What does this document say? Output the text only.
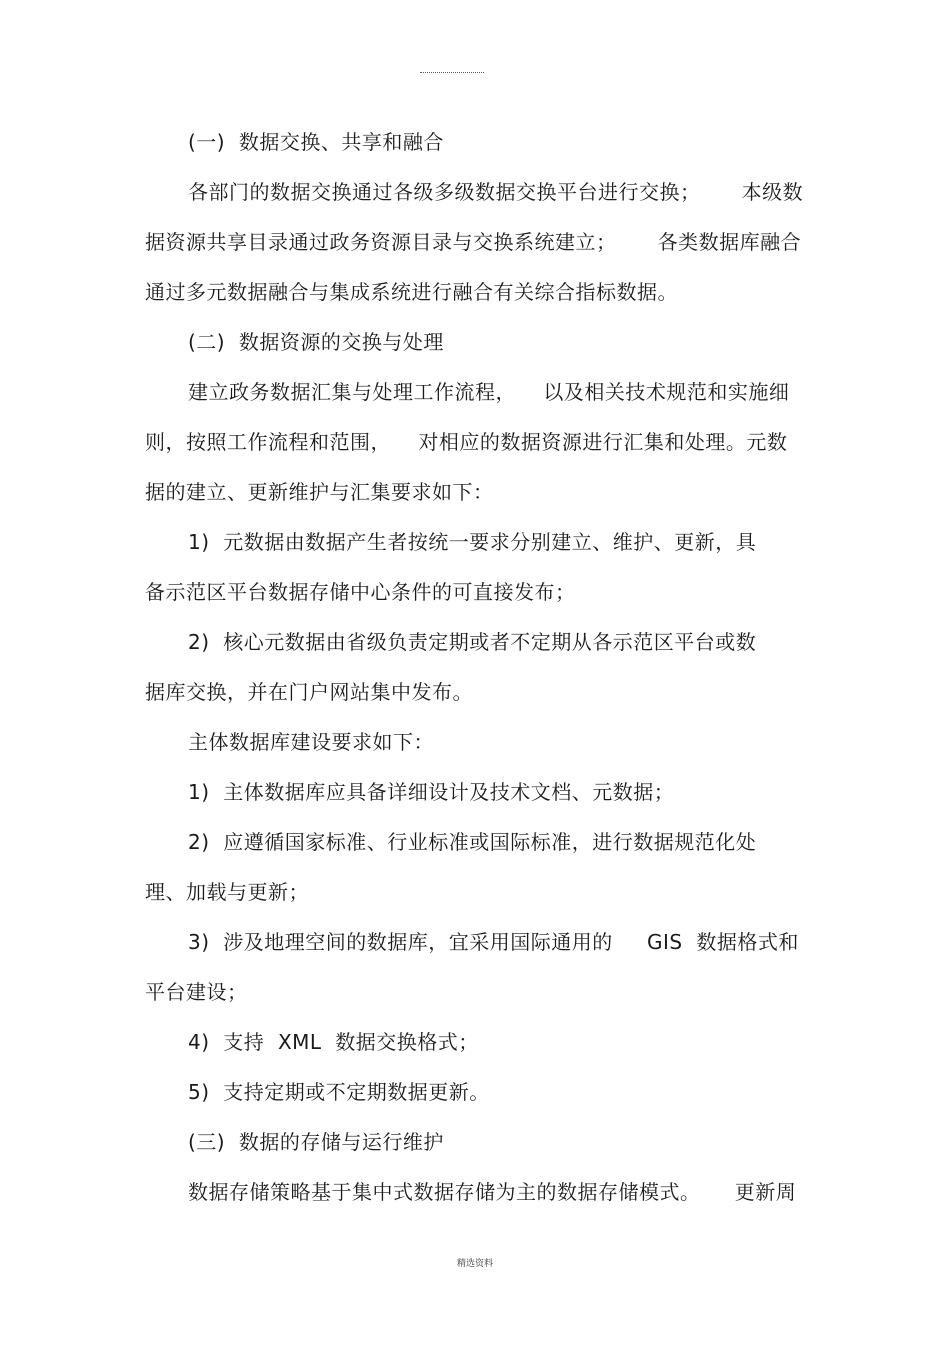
(一)  数据交换、共享和融合
各部门的数据交换通过各级多级数据交换平台进行交换；      本级数
据资源共享目录通过政务资源目录与交换系统建立；      各类数据库融合
通过多元数据融合与集成系统进行融合有关综合指标数据。
(二)  数据资源的交换与处理
建立政务数据汇集与处理工作流程，    以及相关技术规范和实施细
则，按照工作流程和范围，    对相应的数据资源进行汇集和处理。元数
据的建立、更新维护与汇集要求如下：
1)  元数据由数据产生者按统一要求分别建立、维护、更新，具
备示范区平台数据存储中心条件的可直接发布；
2)  核心元数据由省级负责定期或者不定期从各示范区平台或数
据库交换，并在门户网站集中发布。
主体数据库建设要求如下：
1)  主体数据库应具备详细设计及技术文档、元数据；
2)  应遵循国家标准、行业标准或国际标准，进行数据规范化处
理、加载与更新；
3)  涉及地理空间的数据库，宜采用国际通用的     GIS  数据格式和
平台建设；
4)  支持  XML  数据交换格式；
5)  支持定期或不定期数据更新。
(三)  数据的存储与运行维护
数据存储策略基于集中式数据存储为主的数据存储模式。     更新周
精选资料
